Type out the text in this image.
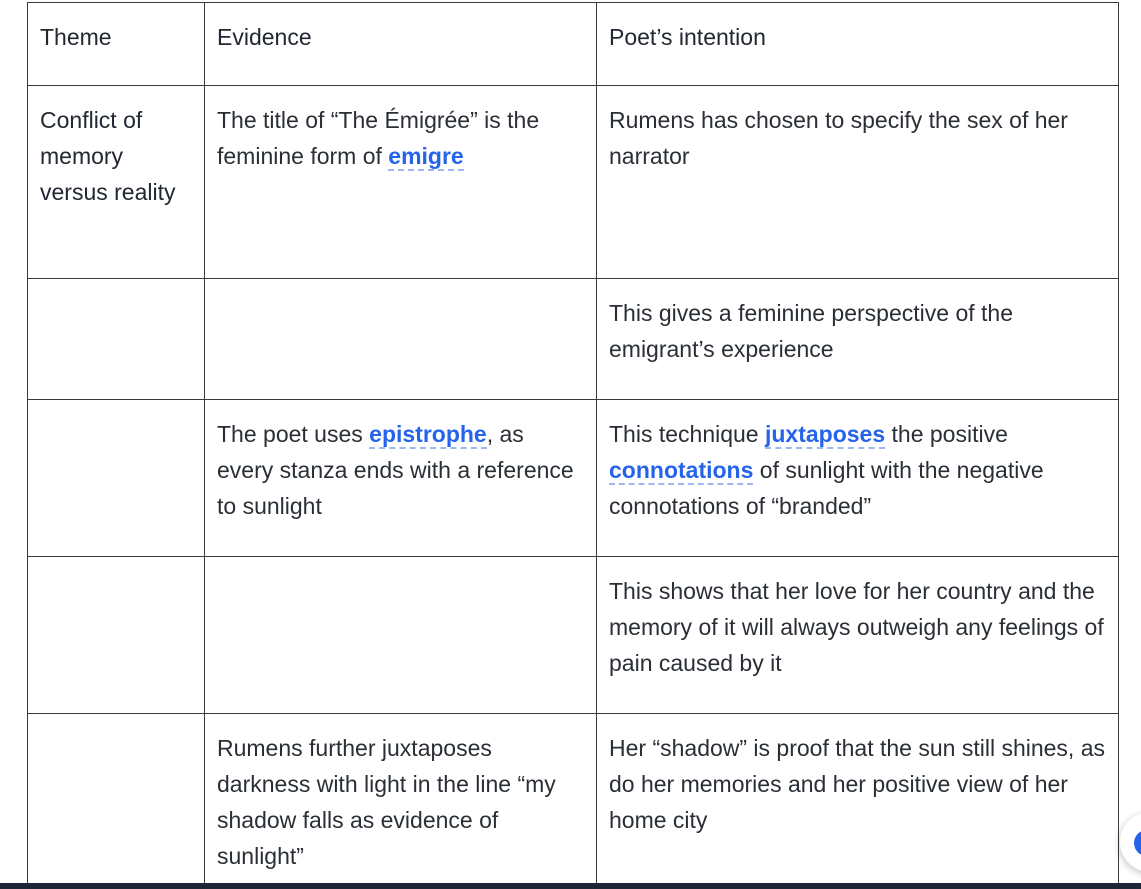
Theme	Evidence	Poet’s intention
Conflict of memory versus reality	The title of “The Émigrée” is the feminine form of emigre	Rumens has chosen to specify the sex of her narrator
		This gives a feminine perspective of the emigrant’s experience
	The poet uses epistrophe, as every stanza ends with a reference to sunlight	This technique juxtaposes the positive connotations of sunlight with the negative connotations of “branded”
		This shows that her love for her country and the memory of it will always outweigh any feelings of pain caused by it
	Rumens further juxtaposes darkness with light in the line “my shadow falls as evidence of sunlight”	Her “shadow” is proof that the sun still shines, as do her memories and her positive view of her home city
